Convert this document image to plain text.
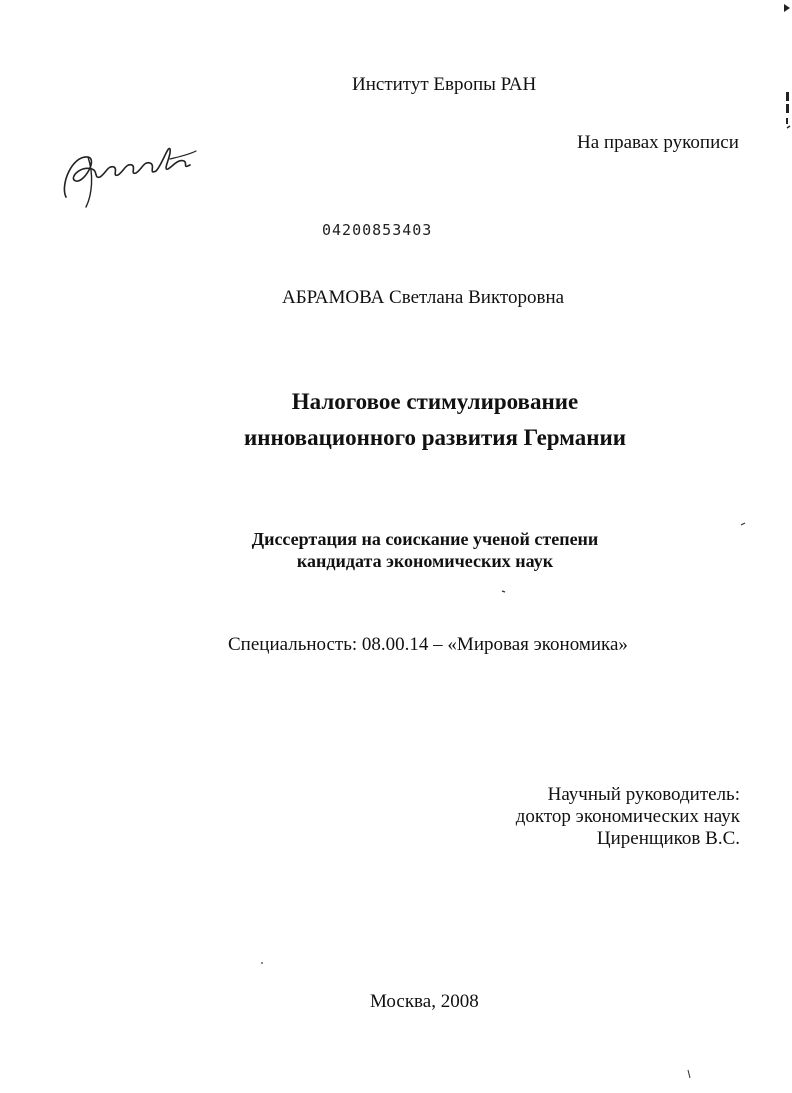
Институт Европы РАН
На правах рукописи
04200853403
АБРАМОВА Светлана Викторовна
Налоговое стимулирование
инновационного развития Германии
Диссертация на соискание ученой степени
кандидата экономических наук
Специальность: 08.00.14 – «Мировая экономика»
Научный руководитель:
доктор экономических наук
Циренщиков В.С.
Москва, 2008
